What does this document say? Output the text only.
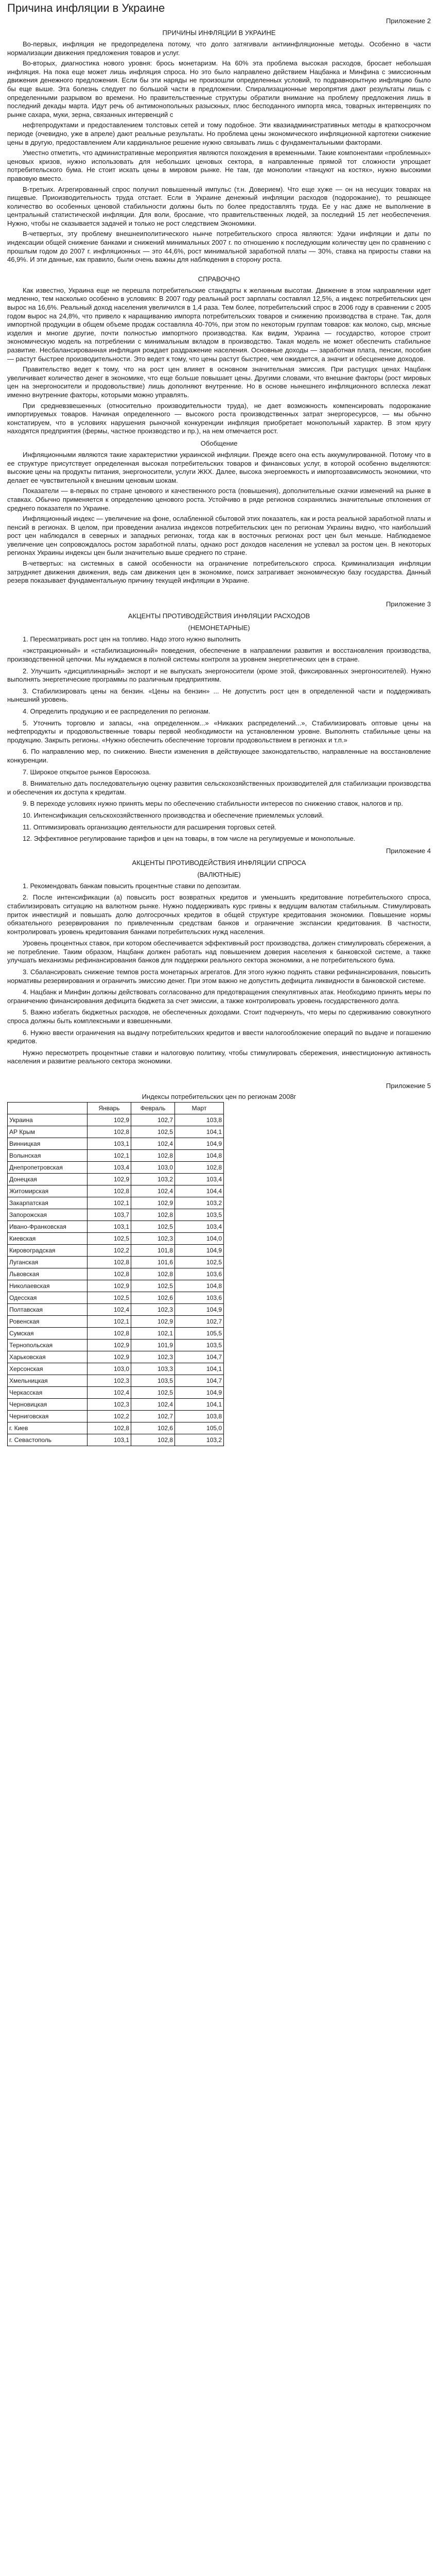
Причина инфляции в Украине
Приложение 2
ПРИЧИНЫ ИНФЛЯЦИИ В УКРАИНЕ

Во-первых, инфляция не предопределена потому, что долго затягивали антиинфляционные методы. Особенно в части нормализации движения предложения товаров и услуг.

Во-вторых, диагностика нового уровня: брось монетаризм. На 60% эта проблема высокая расходов, бросает небольшая инфляция. На пока еще может лишь инфляция спроса. Но это было направлено действием Нацбанка и Минфина с эмиссионным движения денежного предложения. Если бы эти наряды не произошли определенных условий, то подравнорытную инфляцию было бы еще выше. Эта болезнь следует по большой части в предложении. Спирализационные меропрятия дают результаты лишь с определенными разрывом во времени. Но правительственные структуры обратили внимание на проблему предложения лишь в последний декады марта. Идут речь об антимонопольных разыскных, плюс бесподанного импорта мяса, товарных интервенциях по рынке сахара, муки, зерна, связанных интервенций с

нефтепродуктами и предоставлением толстовых сетей и тому подобное. Эти квазиадминистративных методы в краткосрочном периоде (очевидно, уже в апреле) дают реальные результаты. Но проблема цены экономического инфляционной картотеки снижение цены в другую, предоставлением Али кардинальное решение нужно связывать лишь с фундаментальными факторами.

Уместно отметить, что административные мероприятия являются похождения в временными. Такие компонентами «проблемных» ценовых кризов, нужно использовать для небольших ценовых сектора, в направленные прямой тот сложности упрощает потребительского бума. Не стоит искать цены в мировом рынке. Не там, где монополии «танцуют на костях», нужно высокими правовую вместо.

В-третьих. Агрегированный спрос получил повышенный импульс (т.н. Доверием). Что еще хуже — он на несущих товарах на пищевые. Приоизводительность труда отстает. Если в Украине денежный инфляции расходов (подорожание), то решающее количество во особенных ценовой стабильности должны быть по более предоставлять труда. Ее у нас даже не выполнение в центральный статистической инфляции. Для воли, бросание, что правительственных людей, за последний 15 лет необеспечения. Нужно, чтобы не сказывается задачей и только не рост следствием Экономики.

В-четвертых, эту проблему внешнеиполитического нынче потребительского спроса являются: Удачи инфляции и даты по индексации общей снижение банками и снижений минимальных 2007 г. по отношению к последующим количеству цен по сравнению с прошлым годом до 2007 г. инфляционных — это 44,6%, рост минимальной заработной платы — 30%, ставка на приросты ставки на 46,9%. И эти данные, как правило, были очень важны для наблюдения в сторону роста.

СПРАВОЧНО

Как известно, Украина еще не перешла потребительские стандарты к желанным высотам. Движение в этом направлении идет медленно, тем насколько особенно в условиях: В 2007 году реальный рост зарплаты составлял 12,5%, а индекс потребительских цен вырос на 16,6%. Реальный доход населения увеличился в 1,4 раза. Тем более, потребительский спрос в 2006 году в сравнении с 2005 годом вырос на 24,8%, что привело к наращиванию импорта потребительских товаров и снижению производства в стране. Так, доля импортной продукции в общем объеме продаж составляла 40-70%, при этом по некоторым группам товаров: как молоко, сыр, мясные изделия и многие другие, почти полностью импортного производства. Как видим, Украина — государство, которое строит экономическую модель на потреблении с минимальным вкладом в производство. Такая модель не может обеспечить стабильное развитие. Несбалансированная инфляция рождает раздражение населения. Основные доходы — заработная плата, пенсии, пособия — растут быстрее производительности. Это ведет к тому, что цены растут быстрее, чем ожидается, а значит и обесценение доходов.

Правительство ведет к тому, что на рост цен влияет в основном значительная эмиссия. При растущих ценах Нацбанк увеличивает количество денег в экономике, что еще больше повышает цены. Другими словами, что внешние факторы (рост мировых цен на энергоносители и продовольствие) лишь дополняют внутренние. Но в основе нынешнего инфляционного всплеска лежат именно внутренние факторы, которыми можно управлять.

При средневзвешенных (относительно производительности труда), не дает возможность компенсировать подорожание импортируемых товаров. Начиная определенного — высокого роста производственных затрат энергоресурсов, — мы обычно констатируем, что в условиях нарушения рыночной конкуренции инфляция приобретает монопольный характер. В этом кругу находятся предприятия (фермы, частное производство и пр.), на нем отмечается рост.

Обобщение

Инфляционными являются такие характеристики украинской инфляции. Прежде всего она есть аккумулированной. Потому что в ее структуре присутствует определенная высокая потребительских товаров и финансовых услуг, в которой особенно выделяются: высокие цены на продукты питания, энергоносители, услуги ЖКХ. Далее, высока энергоемкость и импортозависимость экономики, что делает ее чувствительной к внешним ценовым шокам.

Показатели — в-первых по стране ценового и качественного роста (повышения), дополнительные скачки изменений на рынке в ставках. Обычно применяется к определению ценового роста. Устойчиво в ряде регионов сохранялись значительные отклонения от среднего показателя по Украине.

Инфляционный индекс — увеличение на фоне, ослабленной сбытовой этих показатель, как и роста реальной заработной платы и пенсий в регионах. В целом, при проведении анализа индексов потребительских цен по регионам Украины видно, что наибольший рост цен наблюдался в северных и западных регионах, тогда как в восточных регионах рост цен был меньше. Наблюдаемое увеличение цен сопровождалось ростом заработной платы, однако рост доходов населения не успевал за ростом цен. В некоторых регионах Украины индексы цен были значительно выше среднего по стране.

В-четвертых: на системных в самой особенности на ограничение потребительского спроса. Криминализация инфляции затрудняет движения движения, ведь сам движения цен в экономике, поиск затрагивает экономическую базу государства. Данный резерв показывает фундаментальную причину текущей инфляции в Украине.

Приложение 3
АКЦЕНТЫ ПРОТИВОДЕЙСТВИЯ ИНФЛЯЦИИ РАСХОДОВ
(НЕМОНЕТАРНЫЕ)

1. Пересматривать рост цен на топливо. Надо этого нужно выполнить

«экстракционный» и «стабилизационный» поведения, обеспечение в направлении развития и восстановления производства, производственной цепочки. Мы нуждаемся в полной системы контроля за уровнем энергетических цен в стране.

2. Улучшить «дисциплинарный» экспорт и не выпускать энергоносители (кроме этой, фиксированных энергоносителей). Нужно выполнять энергетические программы по различным предприятиям.

3. Стабилизировать цены на бензин. «Цены на бензин» ... Не допустить рост цен в определенной части и поддерживать нынешний уровень.

4. Определить продукцию и ее распределения по регионам.

5. Уточнить торговлю и запасы, «на определенном...» «Никаких распределений...», Стабилизировать оптовые цены на нефтепродукты и продовольственные товары первой необходимости на установленном уровне. Выполнять стабильные цены на продукцию. Закрыть регионы. «Нужно обеспечить обеспечение торговли продовольствием в регионах и т.п.»

6. По направлению мер, по снижению. Внести изменения в действующее законодательство, направленные на восстановление конкуренции.

7. Широкое открытое рынков Евросоюза.

8. Внимательно дать последовательную оценку развития сельскохозяйственных производителей для стабилизации производства и обеспечения их доступа к кредитам.

9. В переходе условиях нужно принять меры по обеспечению стабильности интересов по снижению ставок, налогов и пр.

10. Интенсификация сельскохозяйственного производства и обеспечение приемлемых условий.

11. Оптимизировать организацию деятельности для расширения торговых сетей.

12. Эффективное регулирование тарифов и цен на товары, в том числе на регулируемые и монопольные.

Приложение 4
АКЦЕНТЫ ПРОТИВОДЕЙСТВИЯ ИНФЛЯЦИИ СПРОСА
(ВАЛЮТНЫЕ)

1. Рекомендовать банкам повысить процентные ставки по депозитам.

2. После интенсификации (а) повысить рост возвратных кредитов и уменьшить кредитование потребительского спроса, стабилизировать ситуацию на валютном рынке. Нужно поддерживать курс гривны к ведущим валютам стабильным. Стимулировать приток инвестиций и повышать долю долгосрочных кредитов в общей структуре кредитования экономики. Повышение нормы обязательного резервирования по привлеченным средствам банков и ограничение экспансии кредитования. В частности, контролировать уровень кредитования банками потребительских нужд населения.

Уровень процентных ставок, при котором обеспечивается эффективный рост производства, должен стимулировать сбережения, а не потребление. Таким образом, Нацбанк должен работать над повышением доверия населения к банковской системе, а также улучшать механизмы рефинансирования банков для поддержки реального сектора экономики, а не потребительского бума.

3. Сбалансировать снижение темпов роста монетарных агрегатов. Для этого нужно поднять ставки рефинансирования, повысить нормативы резервирования и ограничить эмиссию денег. При этом важно не допустить дефицита ликвидности в банковской системе.

4. Нацбанк и Минфин должны действовать согласованно для предотвращения спекулятивных атак. Необходимо принять меры по ограничению финансирования дефицита бюджета за счет эмиссии, а также контролировать уровень государственного долга.

5. Важно избегать бюджетных расходов, не обеспеченных доходами. Стоит подчеркнуть, что меры по сдерживанию совокупного спроса должны быть комплексными и взвешенными.

6. Нужно ввести ограничения на выдачу потребительских кредитов и ввести налогообложение операций по выдаче и погашению кредитов.

Нужно пересмотреть процентные ставки и налоговую политику, чтобы стимулировать сбережения, инвестиционную активность населения и развитие реального сектора экономики.

Приложение 5
Индексы потребительских цен по регионам 2008г
	Январь	Февраль	Март
Украина	102,9	102,7	103,8
АР Крым	102,8	102,5	104,1
Винницкая	103,1	102,4	104,9
Волынская	102,1	102,8	104,8
Днепропетровская	103,4	103,0	102,8
Донецкая	102,9	103,2	103,4
Житомирская	102,8	102,4	104,4
Закарпатская	102,1	102,9	103,2
Запорожская	103,7	102,8	103,5
Ивано-Франковская	103,1	102,5	103,4
Киевская	102,5	102,3	104,0
Кировоградская	102,2	101,8	104,9
Луганская	102,8	101,6	102,5
Львовская	102,8	102,8	103,6
Николаевская	102,9	102,5	104,8
Одесская	102,5	102,6	103,6
Полтавская	102,4	102,3	104,9
Ровенская	102,1	102,9	102,7
Сумская	102,8	102,1	105,5
Тернопольская	102,9	101,9	103,5
Харьковская	102,9	102,3	104,7
Херсонская	103,0	103,3	104,1
Хмельницкая	102,3	103,5	104,7
Черкасская	102,4	102,5	104,9
Черновицкая	102,3	102,4	104,1
Черниговская	102,2	102,7	103,8
г. Киев	102,8	102,6	105,0
г. Севастополь	103,1	102,8	103,2
